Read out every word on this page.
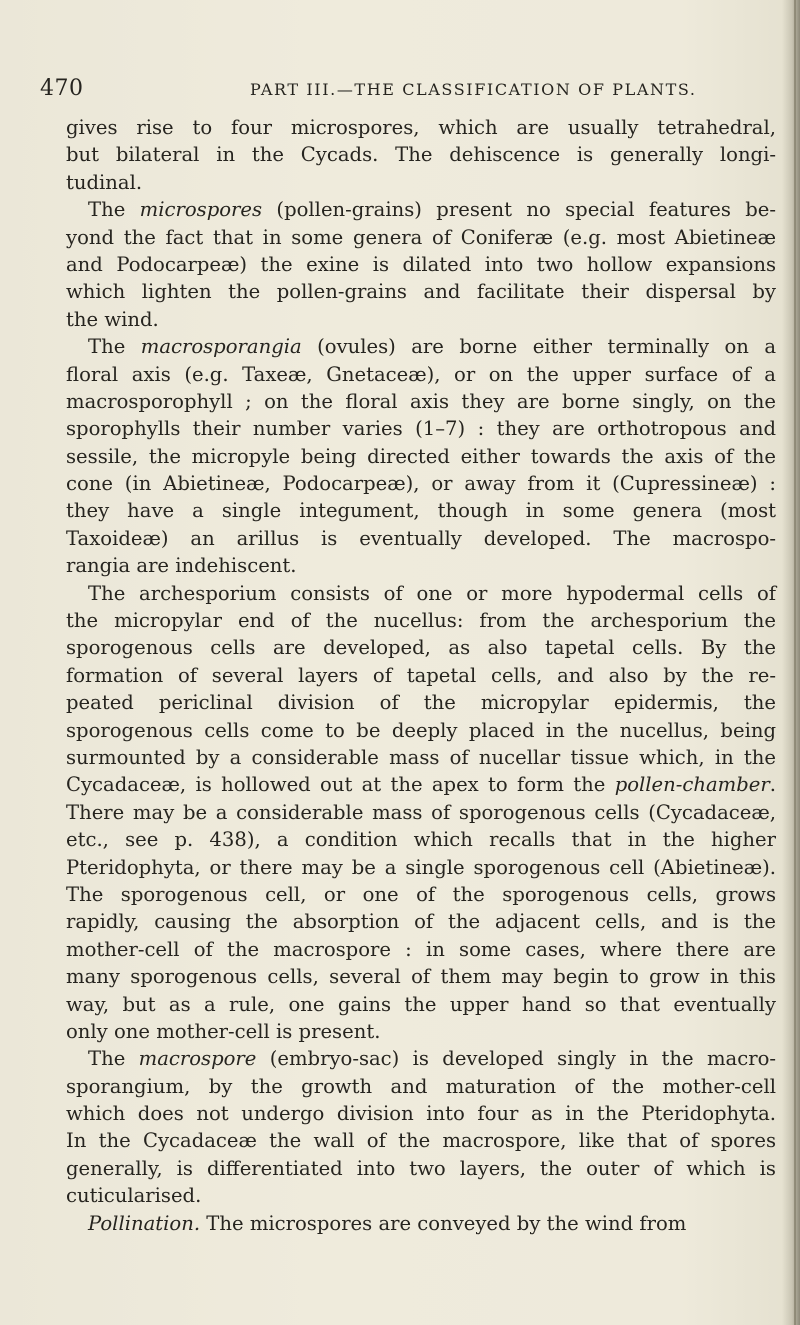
470	PART III.—THE CLASSIFICATION OF PLANTS.
gives rise to four microspores, which are usually tetrahedral,
but bilateral in the Cycads. The dehiscence is generally longi-
tudinal.
The microspores (pollen-grains) present no special features be-
yond the fact that in some genera of Coniferæ (e.g. most Abietineæ
and Podocarpeæ) the exine is dilated into two hollow expansions
which lighten the pollen-grains and facilitate their dispersal by
the wind.
The macrosporangia (ovules) are borne either terminally on a
floral axis (e.g. Taxeæ, Gnetaceæ), or on the upper surface of a
macrosporophyll ; on the floral axis they are borne singly, on the
sporophylls their number varies (1–7) : they are orthotropous and
sessile, the micropyle being directed either towards the axis of the
cone (in Abietineæ, Podocarpeæ), or away from it (Cupressineæ) :
they have a single integument, though in some genera (most
Taxoideæ) an arillus is eventually developed. The macrospo-
rangia are indehiscent.
The archesporium consists of one or more hypodermal cells of
the micropylar end of the nucellus: from the archesporium the
sporogenous cells are developed, as also tapetal cells. By the
formation of several layers of tapetal cells, and also by the re-
peated periclinal division of the micropylar epidermis, the
sporogenous cells come to be deeply placed in the nucellus, being
surmounted by a considerable mass of nucellar tissue which, in the
Cycadaceæ, is hollowed out at the apex to form the pollen-chamber.
There may be a considerable mass of sporogenous cells (Cycadaceæ,
etc., see p. 438), a condition which recalls that in the higher
Pteridophyta, or there may be a single sporogenous cell (Abietineæ).
The sporogenous cell, or one of the sporogenous cells, grows
rapidly, causing the absorption of the adjacent cells, and is the
mother-cell of the macrospore : in some cases, where there are
many sporogenous cells, several of them may begin to grow in this
way, but as a rule, one gains the upper hand so that eventually
only one mother-cell is present.
The macrospore (embryo-sac) is developed singly in the macro-
sporangium, by the growth and maturation of the mother-cell
which does not undergo division into four as in the Pteridophyta.
In the Cycadaceæ the wall of the macrospore, like that of spores
generally, is differentiated into two layers, the outer of which is
cuticularised.
Pollination. The microspores are conveyed by the wind from
